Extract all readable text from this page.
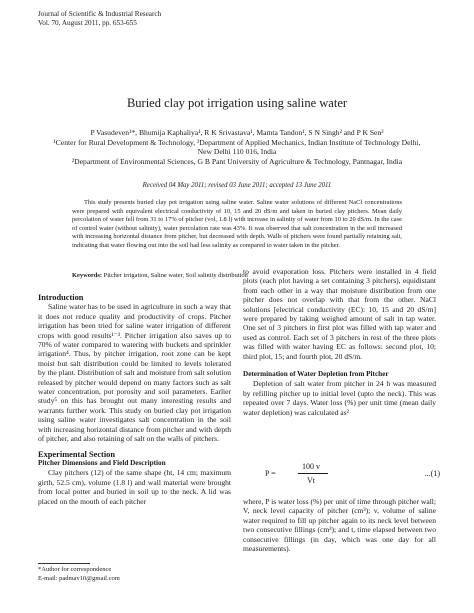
Journal of Scientific & Industrial Research
Vol. 70, August 2011, pp. 653-655
Buried clay pot irrigation using saline water
P Vasudeven¹*, Bhumija Kaphaliya¹, R K Srivastava¹, Mamta Tandon¹, S N Singh² and P K Sen²
¹Center for Rural Development & Technology, ²Department of Applied Mechanics, Indian Institute of Technology Delhi,
New Delhi 110 016, India
²Department of Environmental Sciences, G B Pant University of Agriculture & Technology, Pantnagar, India
Received 04 May 2011; revised 03 June 2011; accepted 13 June 2011
This study presents buried clay pot irrigation using saline water. Saline water solutions of different NaCl concentrations were prepared with equivalent electrical conductivity of 10, 15 and 20 dS/m and taken in buried clay pitchers. Mean daily percolation of water fell from 31 to 17% of pitcher (vol, 1.8 l) with increase in salinity of water from 10 to 20 dS/m. In the case of control water (without salinity), water percolation rate was 43%. It was observed that salt concentration in the soil increased with increasing horizontal distance from pitcher, but decreased with depth. Walls of pitchers were found partially retaining salt, indicating that water flowing out into the soil had less salinity as compared to water taken in the pitcher.
Keywords: Pitcher irrigation, Saline water, Soil salinity distribution

Introduction

Saline water has to be used in agriculture in such a way that it does not reduce quality and productivity of crops. Pitcher irrigation has been tried for saline water irrigation of different crops with good results¹⁻³. Pitcher irrigation also saves up to 70% of water compared to watering with buckets and sprinkler irrigation⁴. Thus, by pitcher irrigation, root zone can be kept moist but salt distribution could be limited to levels tolerated by the plant. Distribution of salt and moisture from salt solution released by pitcher would depend on many factors such as salt water concentration, pot porosity and soil parameters. Earlier study⁵ on this has brought out many interesting results and warrants further work. This study on buried clay pot irrigation using saline water investigates salt concentration in the soil with increasing horizontal distance from pitcher and with depth of pitcher, and also retaining of salt on the walls of pitchers.

Experimental Section

Pitcher Dimensions and Field Description

Clay pitchers (12) of the same shape (ht, 14 cm; maximum girth, 52.5 cm), volume (1.8 l) and wall material were brought from local potter and buried in soil up to the neck. A lid was placed on the mouth of each pitcher

*Author for correspondence
E-mail: padmav10@gmail.com

to avoid evaporation loss. Pitchers were installed in 4 field plots (each plot having a set containing 3 pitchers), equidistant from each other in a way that moisture distribution from one pitcher does not overlap with that from the other. NaCl solutions [electrical conductivity (EC): 10, 15 and 20 dS/m] were prepared by taking weighed amount of salt in tap water. One set of 3 pitchers in first plot was filled with tap water and used as control. Each set of 3 pitchers in rest of the three plots was filled with water having EC as follows: second plot, 10; third plot, 15; and fourth plot, 20 dS/m.

Determination of Water Depletion from Pitcher

Depletion of salt water from pitcher in 24 h was measured by refilling pitcher up to initial level (upto the neck). This was repeated over 7 days. Water loss (%) per unit time (mean daily water depletion) was calculated as²

P =
100 v
Vt
...(1)

where, P is water loss (%) per unit of time through pitcher wall; V, neck level capacity of pitcher (cm³); v, volume of saline water required to fill up pitcher again to its neck level between two consecutive fillings (cm³); and t, time elapsed between two consecutive fillings (in day, which was one day for all measurements).
